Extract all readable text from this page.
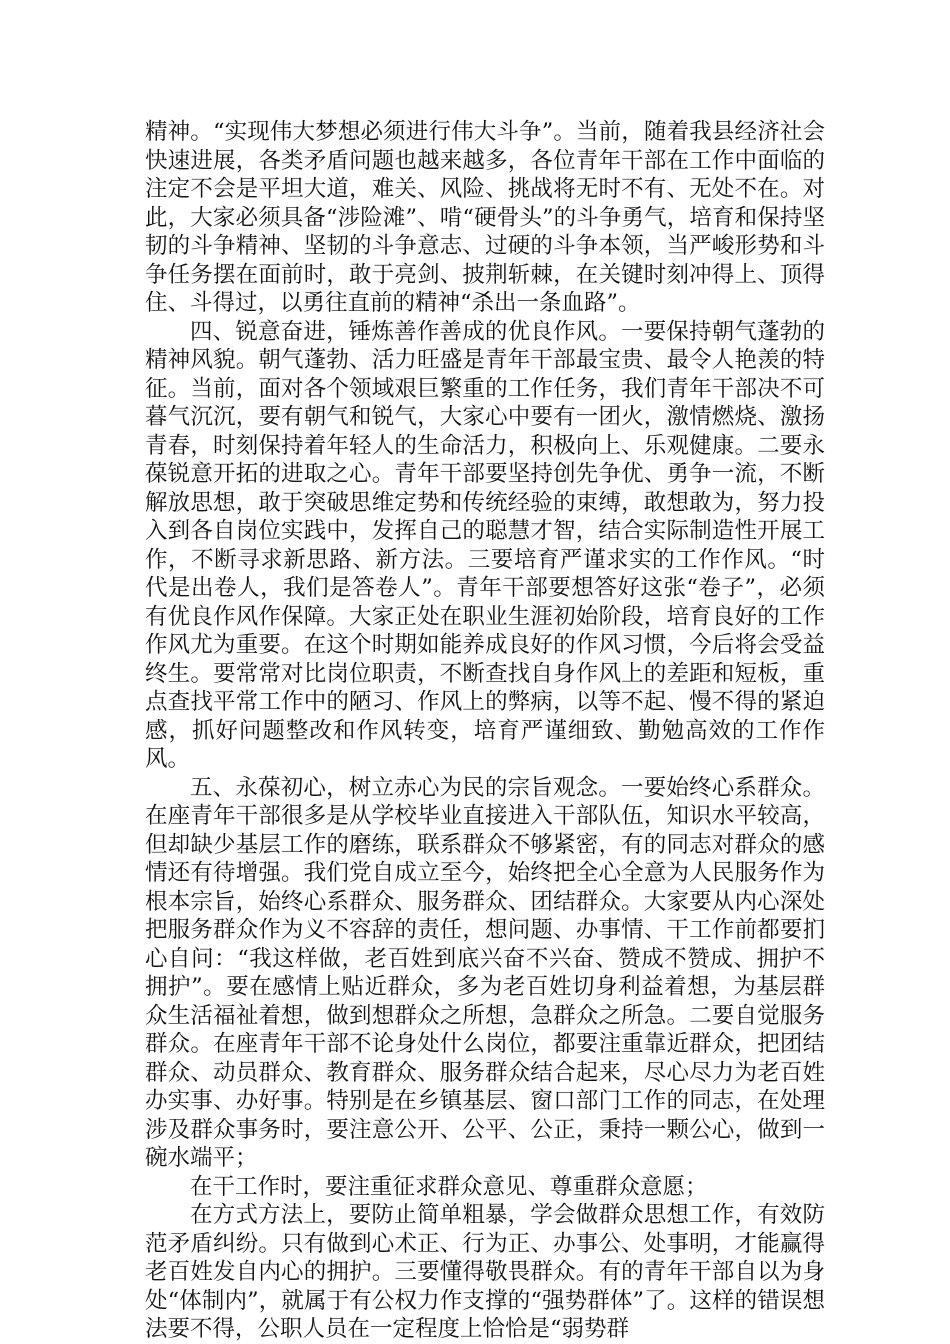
精神。“实现伟大梦想必须进行伟大斗争”。当前，随着我县经济社会快速进展，各类矛盾问题也越来越多，各位青年干部在工作中面临的注定不会是平坦大道，难关、风险、挑战将无时不有、无处不在。对此，大家必须具备“涉险滩”、啃“硬骨头”的斗争勇气，培育和保持坚韧的斗争精神、坚韧的斗争意志、过硬的斗争本领，当严峻形势和斗争任务摆在面前时，敢于亮剑、披荆斩棘，在关键时刻冲得上、顶得住、斗得过，以勇往直前的精神“杀出一条血路”。

四、锐意奋进，锤炼善作善成的优良作风。一要保持朝气蓬勃的精神风貌。朝气蓬勃、活力旺盛是青年干部最宝贵、最令人艳羡的特征。当前，面对各个领域艰巨繁重的工作任务，我们青年干部决不可暮气沉沉，要有朝气和锐气，大家心中要有一团火，激情燃烧、激扬青春，时刻保持着年轻人的生命活力，积极向上、乐观健康。二要永葆锐意开拓的进取之心。青年干部要坚持创先争优、勇争一流，不断解放思想，敢于突破思维定势和传统经验的束缚，敢想敢为，努力投入到各自岗位实践中，发挥自己的聪慧才智，结合实际制造性开展工作，不断寻求新思路、新方法。三要培育严谨求实的工作作风。“时代是出卷人，我们是答卷人”。青年干部要想答好这张“卷子”，必须有优良作风作保障。大家正处在职业生涯初始阶段，培育良好的工作作风尤为重要。在这个时期如能养成良好的作风习惯，今后将会受益终生。要常常对比岗位职责，不断查找自身作风上的差距和短板，重点查找平常工作中的陋习、作风上的弊病，以等不起、慢不得的紧迫感，抓好问题整改和作风转变，培育严谨细致、勤勉高效的工作作风。

五、永葆初心，树立赤心为民的宗旨观念。一要始终心系群众。在座青年干部很多是从学校毕业直接进入干部队伍，知识水平较高，但却缺少基层工作的磨练，联系群众不够紧密，有的同志对群众的感情还有待增强。我们党自成立至今，始终把全心全意为人民服务作为根本宗旨，始终心系群众、服务群众、团结群众。大家要从内心深处把服务群众作为义不容辞的责任，想问题、办事情、干工作前都要扪心自问：“我这样做，老百姓到底兴奋不兴奋、赞成不赞成、拥护不拥护”。要在感情上贴近群众，多为老百姓切身利益着想，为基层群众生活福祉着想，做到想群众之所想，急群众之所急。二要自觉服务群众。在座青年干部不论身处什么岗位，都要注重靠近群众，把团结群众、动员群众、教育群众、服务群众结合起来，尽心尽力为老百姓办实事、办好事。特别是在乡镇基层、窗口部门工作的同志，在处理涉及群众事务时，要注意公开、公平、公正，秉持一颗公心，做到一碗水端平；

在干工作时，要注重征求群众意见、尊重群众意愿；

在方式方法上，要防止简单粗暴，学会做群众思想工作，有效防范矛盾纠纷。只有做到心术正、行为正、办事公、处事明，才能赢得老百姓发自内心的拥护。三要懂得敬畏群众。有的青年干部自以为身处“体制内”，就属于有公权力作支撑的“强势群体”了。这样的错误想法要不得，公职人员在一定程度上恰恰是“弱势群
